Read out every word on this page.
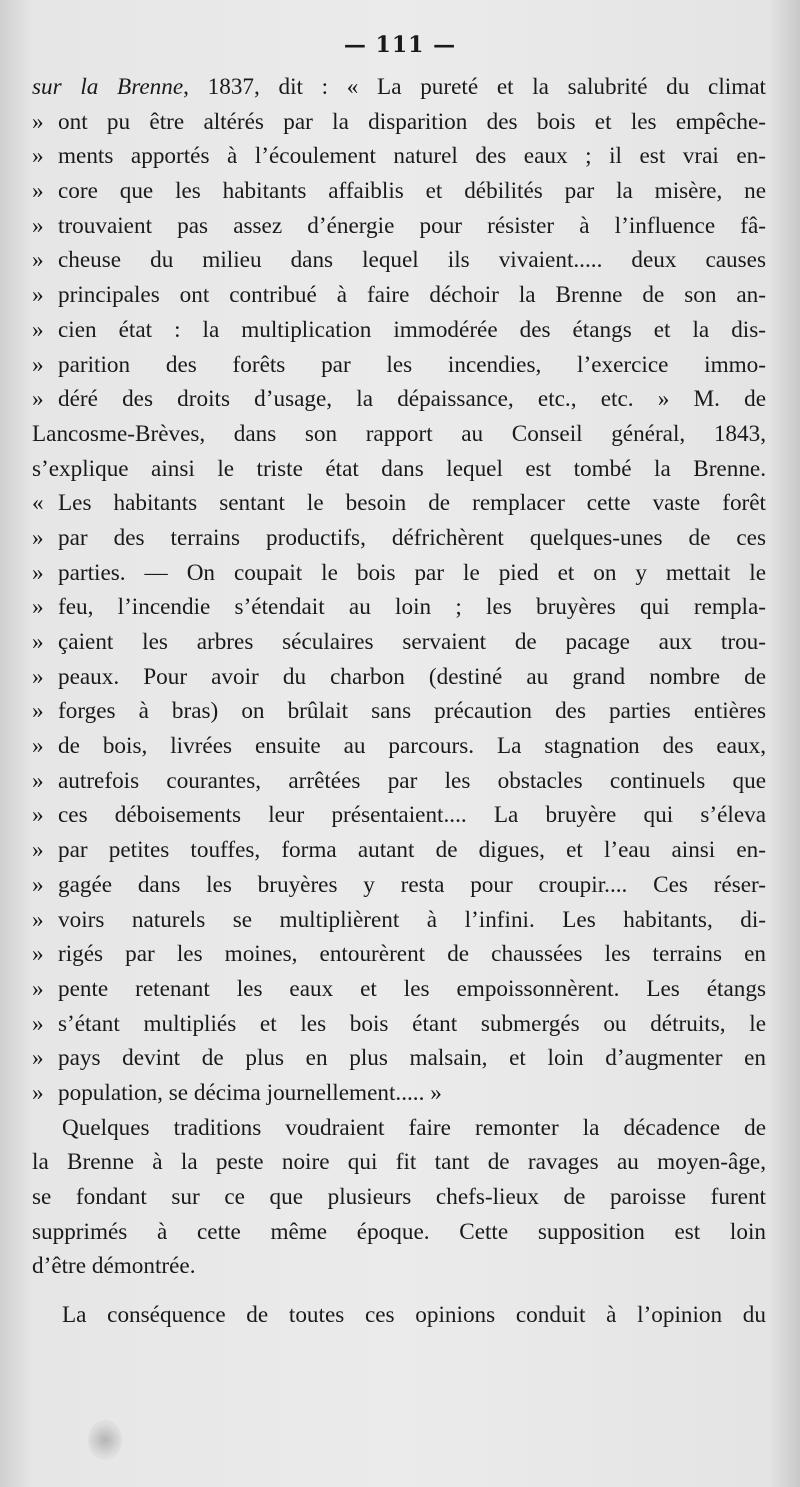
— 111 —
sur la Brenne, 1837, dit : « La pureté et la salubrité du climat
» ont pu être altérés par la disparition des bois et les empêche-
» ments apportés à l’écoulement naturel des eaux ; il est vrai en-
» core que les habitants affaiblis et débilités par la misère, ne
» trouvaient pas assez d’énergie pour résister à l’influence fâ-
» cheuse du milieu dans lequel ils vivaient..... deux causes
» principales ont contribué à faire déchoir la Brenne de son an-
» cien état : la multiplication immodérée des étangs et la dis-
» parition des forêts par les incendies, l’exercice immo-
» déré des droits d’usage, la dépaissance, etc., etc. » M. de
Lancosme-Brèves, dans son rapport au Conseil général, 1843,
s’explique ainsi le triste état dans lequel est tombé la Brenne.
« Les habitants sentant le besoin de remplacer cette vaste forêt
» par des terrains productifs, défrichèrent quelques-unes de ces
» parties. — On coupait le bois par le pied et on y mettait le
» feu, l’incendie s’étendait au loin ; les bruyères qui rempla-
» çaient les arbres séculaires servaient de pacage aux trou-
» peaux. Pour avoir du charbon (destiné au grand nombre de
» forges à bras) on brûlait sans précaution des parties entières
» de bois, livrées ensuite au parcours. La stagnation des eaux,
» autrefois courantes, arrêtées par les obstacles continuels que
» ces déboisements leur présentaient.... La bruyère qui s’éleva
» par petites touffes, forma autant de digues, et l’eau ainsi en-
» gagée dans les bruyères y resta pour croupir.... Ces réser-
» voirs naturels se multiplièrent à l’infini. Les habitants, di-
» rigés par les moines, entourèrent de chaussées les terrains en
» pente retenant les eaux et les empoissonnèrent. Les étangs
» s’étant multipliés et les bois étant submergés ou détruits, le
» pays devint de plus en plus malsain, et loin d’augmenter en
» population, se décima journellement..... »
Quelques traditions voudraient faire remonter la décadence de
la Brenne à la peste noire qui fit tant de ravages au moyen-âge,
se fondant sur ce que plusieurs chefs-lieux de paroisse furent
supprimés à cette même époque. Cette supposition est loin
d’être démontrée.
La conséquence de toutes ces opinions conduit à l’opinion du
